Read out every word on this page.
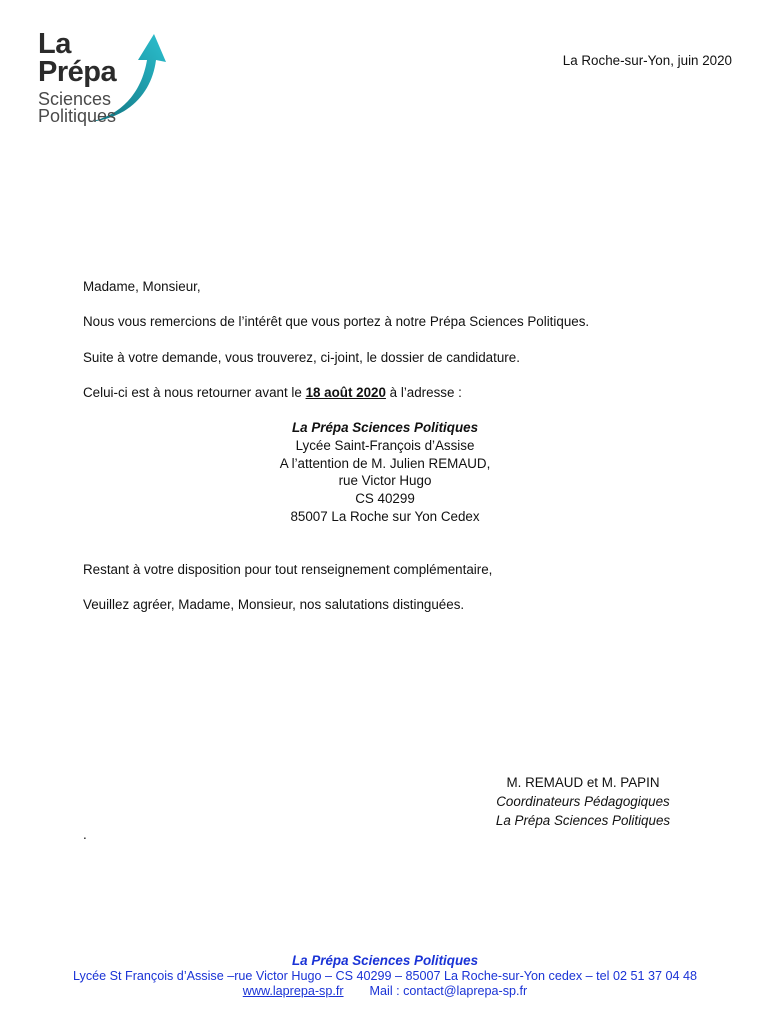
La
Prépa
Sciences
Politiques
La Roche-sur-Yon, juin 2020
Madame, Monsieur,
Nous vous remercions de l’intérêt que vous portez à notre Prépa Sciences Politiques.
Suite à votre demande, vous trouverez, ci-joint, le dossier de candidature.
Celui-ci est à nous retourner avant le 18 août 2020 à l’adresse :
La Prépa Sciences Politiques
Lycée Saint-François d’Assise
A l’attention de M. Julien REMAUD,
rue Victor Hugo
CS 40299
85007 La Roche sur Yon Cedex
Restant à votre disposition pour tout renseignement complémentaire,
Veuillez agréer, Madame, Monsieur, nos salutations distinguées.
M. REMAUD et M. PAPIN
Coordinateurs Pédagogiques
La Prépa Sciences Politiques
.
La Prépa Sciences Politiques
Lycée St François d’Assise –rue Victor Hugo – CS 40299 – 85007 La Roche-sur-Yon cedex – tel 02 51 37 04 48
www.laprepa-sp.fr Mail : contact@laprepa-sp.fr
